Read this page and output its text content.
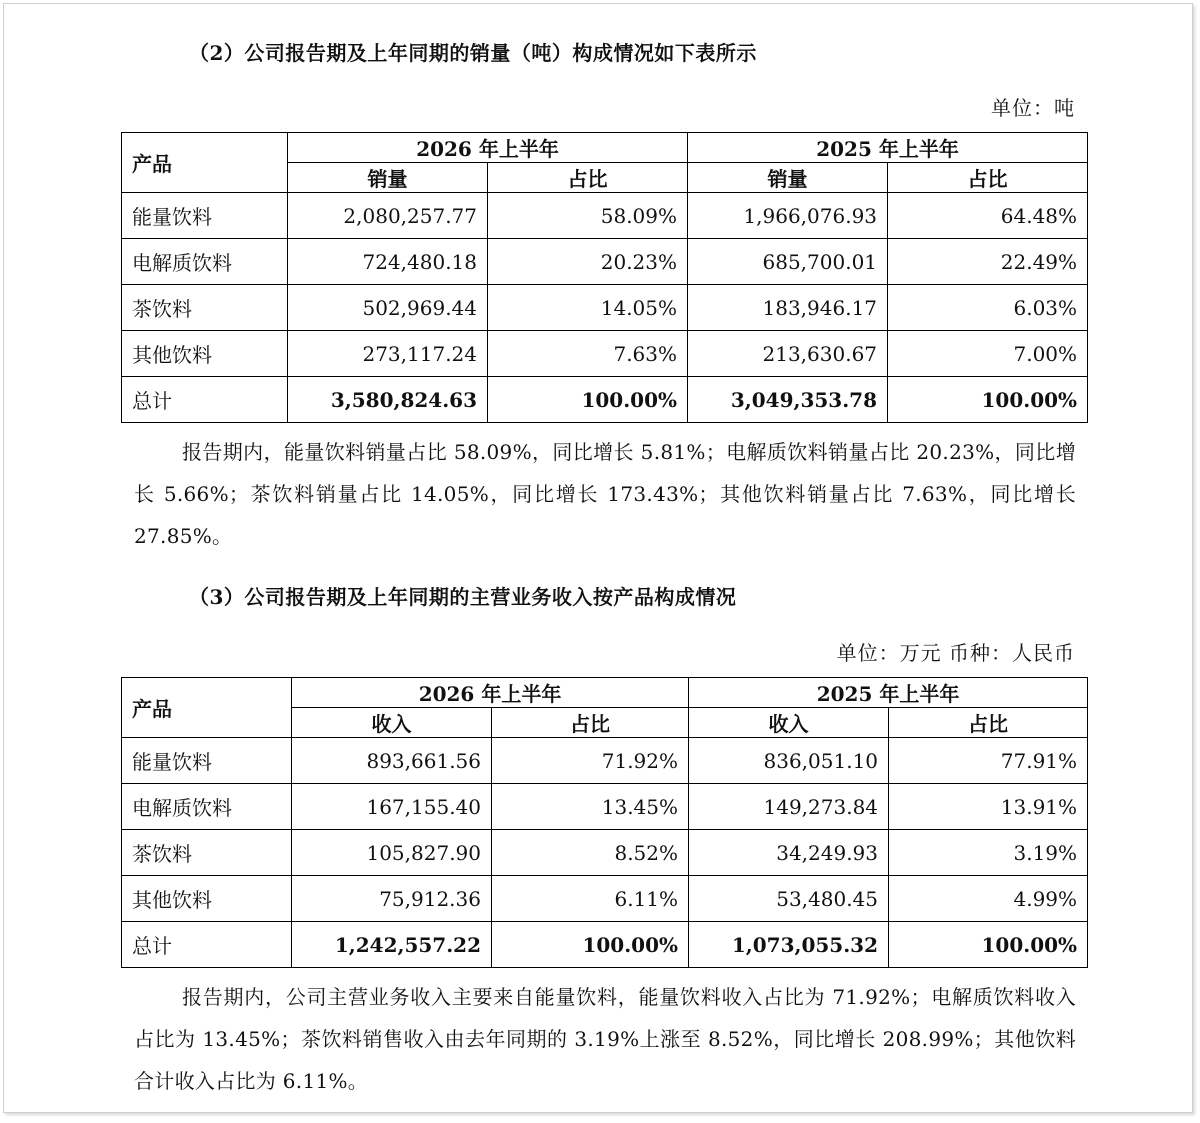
（2）公司报告期及上年同期的销量（吨）构成情况如下表所示
单位：吨
产品	2026 年上半年		2025 年上半年	
	销量	占比	销量	占比
能量饮料	2,080,257.77	58.09%	1,966,076.93	64.48%
电解质饮料	724,480.18	20.23%	685,700.01	22.49%
茶饮料	502,969.44	14.05%	183,946.17	6.03%
其他饮料	273,117.24	7.63%	213,630.67	7.00%
总计	3,580,824.63	100.00%	3,049,353.78	100.00%
报告期内，能量饮料销量占比 58.09%，同比增长 5.81%；电解质饮料销量占比 20.23%，同比增长 5.66%；茶饮料销量占比 14.05%，同比增长 173.43%；其他饮料销量占比 7.63%，同比增长 27.85%。
（3）公司报告期及上年同期的主营业务收入按产品构成情况
单位：万元 币种：人民币
产品	2026 年上半年		2025 年上半年	
	收入	占比	收入	占比
能量饮料	893,661.56	71.92%	836,051.10	77.91%
电解质饮料	167,155.40	13.45%	149,273.84	13.91%
茶饮料	105,827.90	8.52%	34,249.93	3.19%
其他饮料	75,912.36	6.11%	53,480.45	4.99%
总计	1,242,557.22	100.00%	1,073,055.32	100.00%
报告期内，公司主营业务收入主要来自能量饮料，能量饮料收入占比为 71.92%；电解质饮料收入占比为 13.45%；茶饮料销售收入由去年同期的 3.19%上涨至 8.52%，同比增长 208.99%；其他饮料合计收入占比为 6.11%。
